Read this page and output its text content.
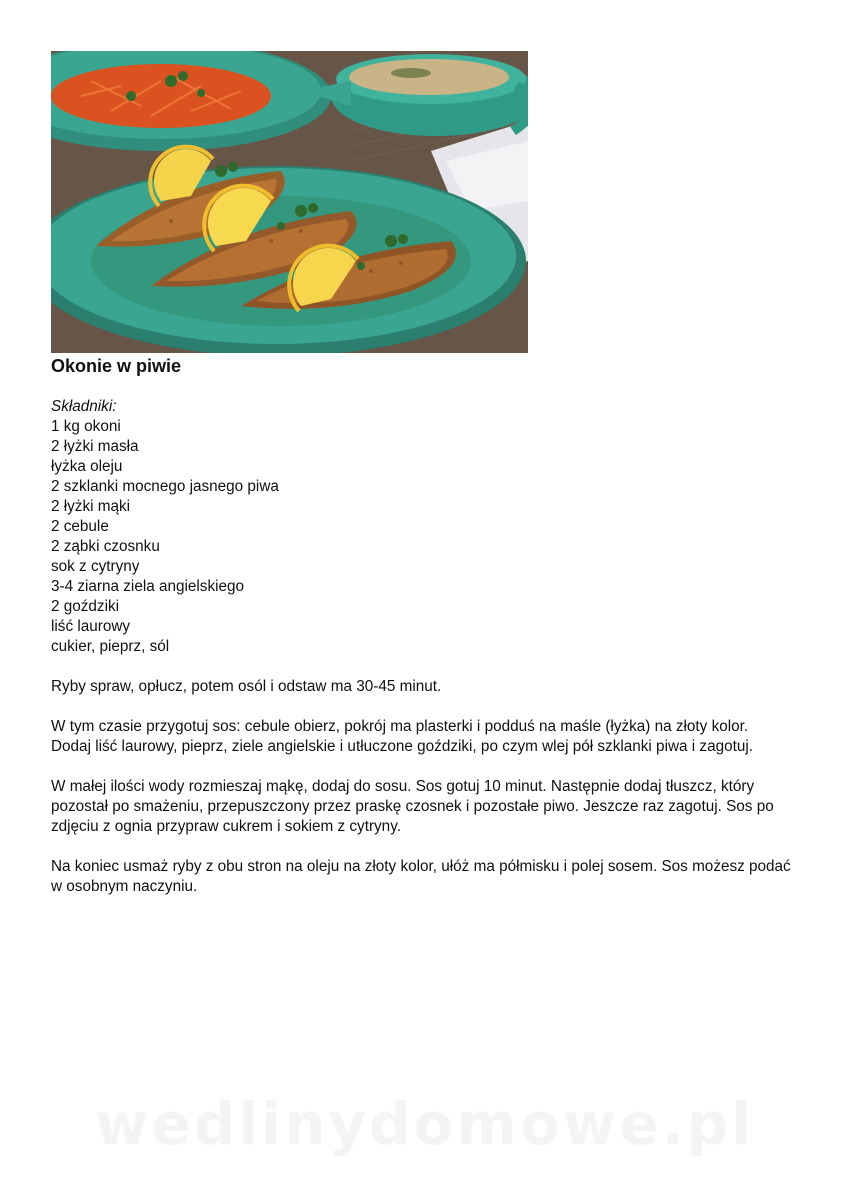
Okonie w piwie
Składniki:
1 kg okoni
2 łyżki masła
łyżka oleju
2 szklanki mocnego jasnego piwa
2 łyżki mąki
2 cebule
2 ząbki czosnku
sok z cytryny
3-4 ziarna ziela angielskiego
2 goździki
liść laurowy
cukier, pieprz, sól

Ryby spraw, opłucz, potem osól i odstaw ma 30-45 minut.

W tym czasie przygotuj sos: cebule obierz, pokrój ma plasterki i podduś na maśle (łyżka) na złoty kolor. Dodaj liść laurowy, pieprz, ziele angielskie i utłuczone goździki, po czym wlej pół szklanki piwa i zagotuj.

W małej ilości wody rozmieszaj mąkę, dodaj do sosu. Sos gotuj 10 minut. Następnie dodaj tłuszcz, który pozostał po smażeniu, przepuszczony przez praskę czosnek i pozostałe piwo. Jeszcze raz zagotuj. Sos po zdjęciu z ognia przypraw cukrem i sokiem z cytryny.

Na koniec usmaż ryby z obu stron na oleju na złoty kolor, ułóż ma półmisku i polej sosem. Sos możesz podać w osobnym naczyniu.

wedlinydomowe.pl
